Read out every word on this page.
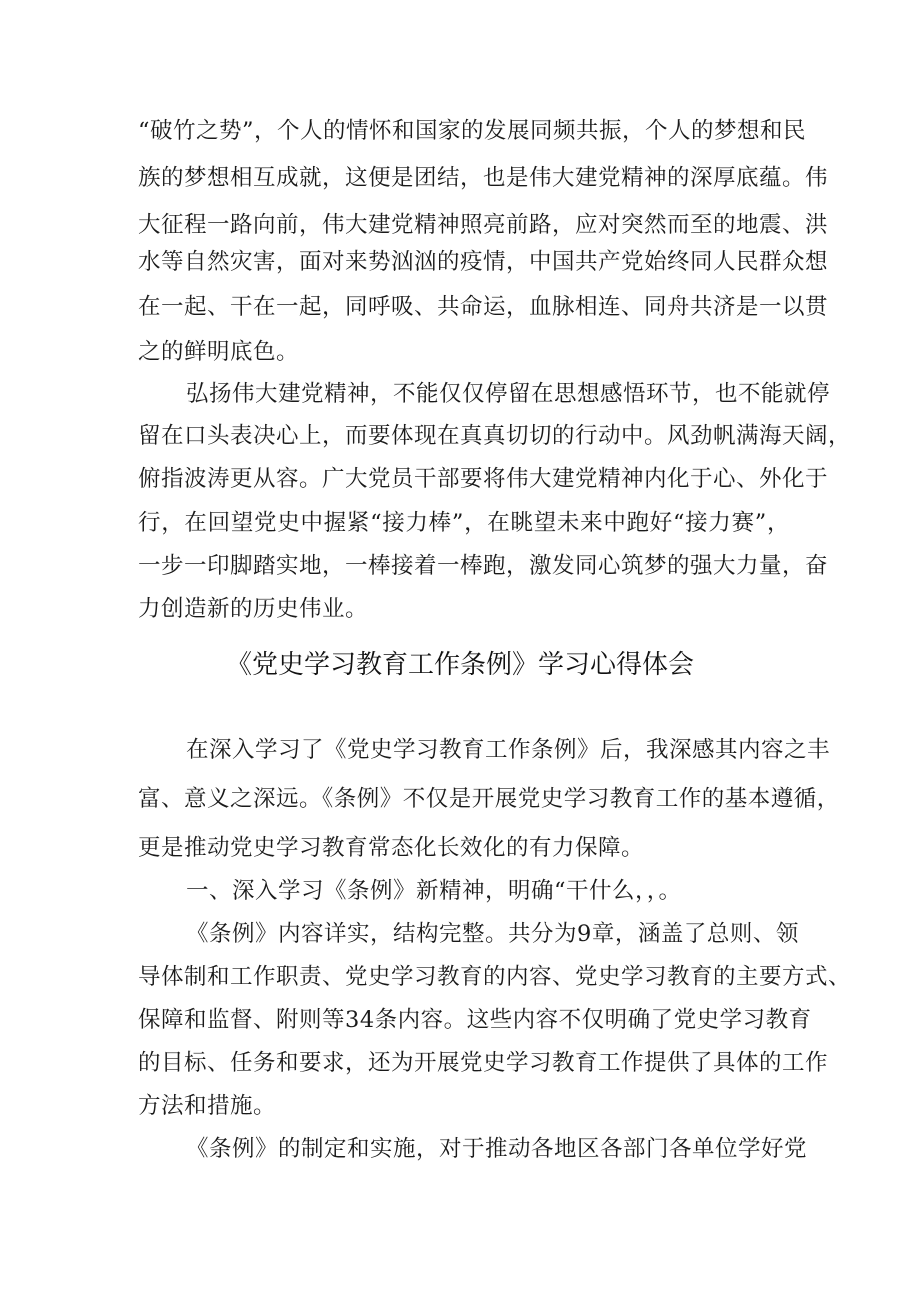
“破竹之势”，个人的情怀和国家的发展同频共振，个人的梦想和民
族的梦想相互成就，这便是团结，也是伟大建党精神的深厚底蕴。伟
大征程一路向前，伟大建党精神照亮前路，应对突然而至的地震、洪
水等自然灾害，面对来势汹汹的疫情，中国共产党始终同人民群众想
在一起、干在一起，同呼吸、共命运，血脉相连、同舟共济是一以贯
之的鲜明底色。
弘扬伟大建党精神，不能仅仅停留在思想感悟环节，也不能就停
留在口头表决心上，而要体现在真真切切的行动中。风劲帆满海天阔，
俯指波涛更从容。广大党员干部要将伟大建党精神内化于心、外化于
行，在回望党史中握紧“接力棒”，在眺望未来中跑好“接力赛”，
一步一印脚踏实地，一棒接着一棒跑，激发同心筑梦的强大力量，奋
力创造新的历史伟业。
《党史学习教育工作条例》学习心得体会
在深入学习了《党史学习教育工作条例》后，我深感其内容之丰
富、意义之深远。《条例》不仅是开展党史学习教育工作的基本遵循，
更是推动党史学习教育常态化长效化的有力保障。
一、深入学习《条例》新精神，明确“干什么，，。
《条例》内容详实，结构完整。共分为9章，涵盖了总则、领
导体制和工作职责、党史学习教育的内容、党史学习教育的主要方式、
保障和监督、附则等34条内容。这些内容不仅明确了党史学习教育
的目标、任务和要求，还为开展党史学习教育工作提供了具体的工作
方法和措施。
《条例》的制定和实施，对于推动各地区各部门各单位学好党
